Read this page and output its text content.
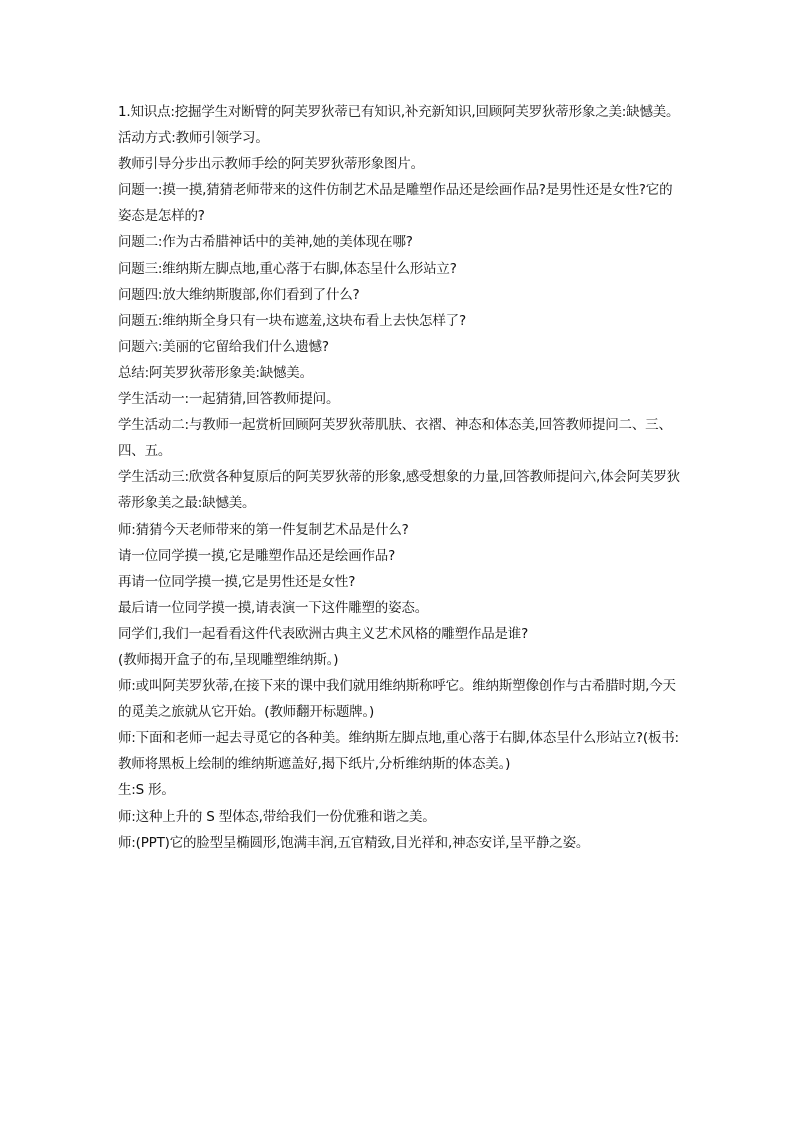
1.知识点:挖掘学生对断臂的阿芙罗狄蒂已有知识,补充新知识,回顾阿芙罗狄蒂形象之美:缺憾美。

活动方式:教师引领学习。

教师引导分步出示教师手绘的阿芙罗狄蒂形象图片。

问题一:摸一摸,猜猜老师带来的这件仿制艺术品是雕塑作品还是绘画作品?是男性还是女性?它的姿态是怎样的?

问题二:作为古希腊神话中的美神,她的美体现在哪?

问题三:维纳斯左脚点地,重心落于右脚,体态呈什么形站立?

问题四:放大维纳斯腹部,你们看到了什么?

问题五:维纳斯全身只有一块布遮羞,这块布看上去快怎样了?

问题六:美丽的它留给我们什么遗憾?

总结:阿芙罗狄蒂形象美:缺憾美。

学生活动一:一起猜猜,回答教师提问。

学生活动二:与教师一起赏析回顾阿芙罗狄蒂肌肤、衣褶、神态和体态美,回答教师提问二、三、四、五。

学生活动三:欣赏各种复原后的阿芙罗狄蒂的形象,感受想象的力量,回答教师提问六,体会阿芙罗狄蒂形象美之最:缺憾美。

师:猜猜今天老师带来的第一件复制艺术品是什么?

请一位同学摸一摸,它是雕塑作品还是绘画作品?

再请一位同学摸一摸,它是男性还是女性?

最后请一位同学摸一摸,请表演一下这件雕塑的姿态。

同学们,我们一起看看这件代表欧洲古典主义艺术风格的雕塑作品是谁?

(教师揭开盒子的布,呈现雕塑维纳斯。)

师:或叫阿芙罗狄蒂,在接下来的课中我们就用维纳斯称呼它。维纳斯塑像创作与古希腊时期,今天的觅美之旅就从它开始。(教师翻开标题牌。)

师:下面和老师一起去寻觅它的各种美。维纳斯左脚点地,重心落于右脚,体态呈什么形站立?(板书:教师将黑板上绘制的维纳斯遮盖好,揭下纸片,分析维纳斯的体态美。)

生:S 形。

师:这种上升的 S 型体态,带给我们一份优雅和谐之美。

师:(PPT)它的脸型呈椭圆形,饱满丰润,五官精致,目光祥和,神态安详,呈平静之姿。
